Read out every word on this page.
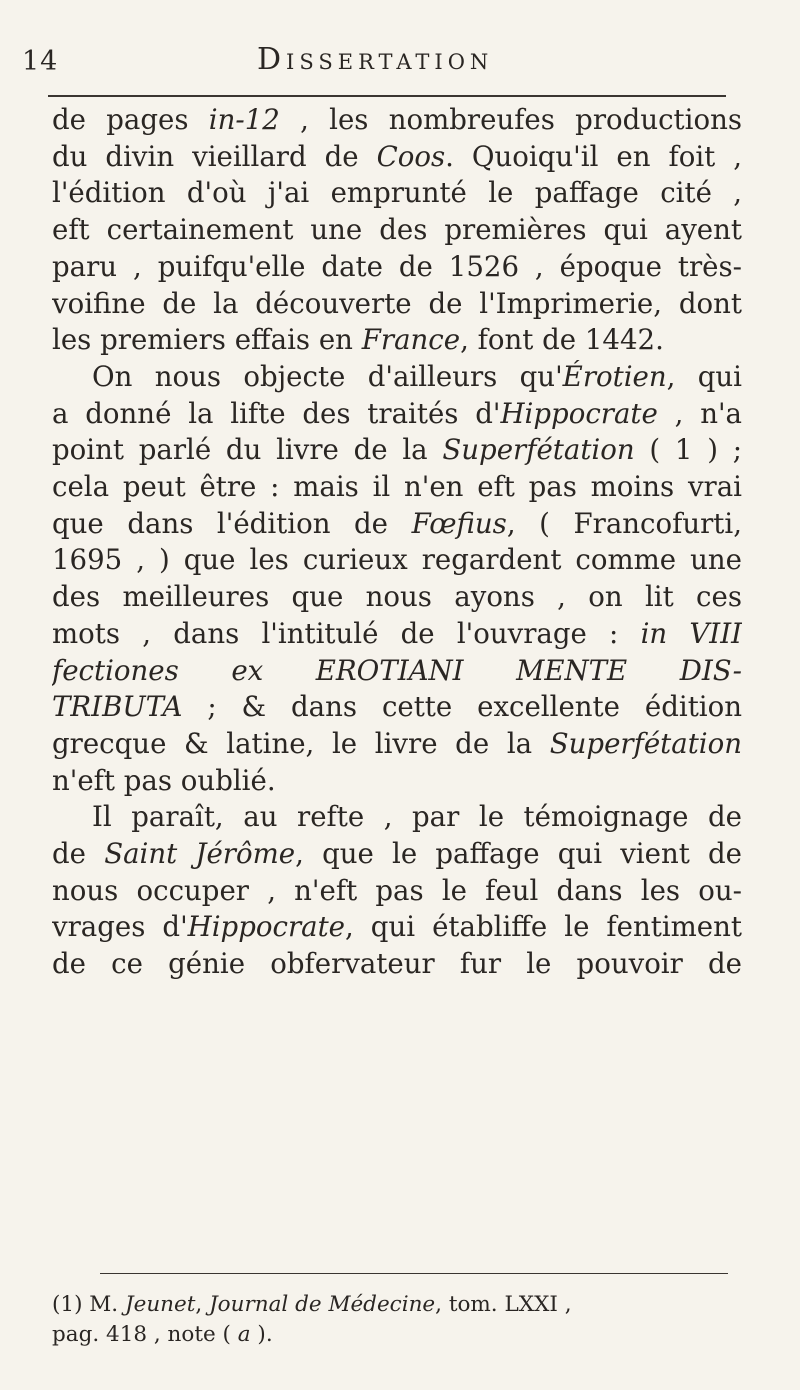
14	Dissertation
de pages in-12 , les nombreufes productions
du divin vieillard de Coos. Quoiqu'il en foit ,
l'édition d'où j'ai emprunté le paffage cité ,
eft certainement une des premières qui ayent
paru , puifqu'elle date de 1526 , époque très-
voifine de la découverte de l'Imprimerie, dont
les premiers effais en France, font de 1442.
On nous objecte d'ailleurs qu'Érotien, qui
a donné la lifte des traités d'Hippocrate , n'a
point parlé du livre de la Superfétation ( 1 ) ;
cela peut être : mais il n'en eft pas moins vrai
que dans l'édition de Fœfius, ( Francofurti,
1695 , ) que les curieux regardent comme une
des meilleures que nous ayons , on lit ces
mots , dans l'intitulé de l'ouvrage : in VIII
fectiones ex EROTIANI MENTE DIS-
TRIBUTA ; & dans cette excellente édition
grecque & latine, le livre de la Superfétation
n'eft pas oublié.
Il paraît, au refte , par le témoignage de
de Saint Jérôme, que le paffage qui vient de
nous occuper , n'eft pas le feul dans les ou-
vrages d'Hippocrate, qui établiffe le fentiment
de ce génie obfervateur fur le pouvoir de
(1) M. Jeunet, Journal de Médecine, tom. LXXI ,
pag. 418 , note ( a ).
